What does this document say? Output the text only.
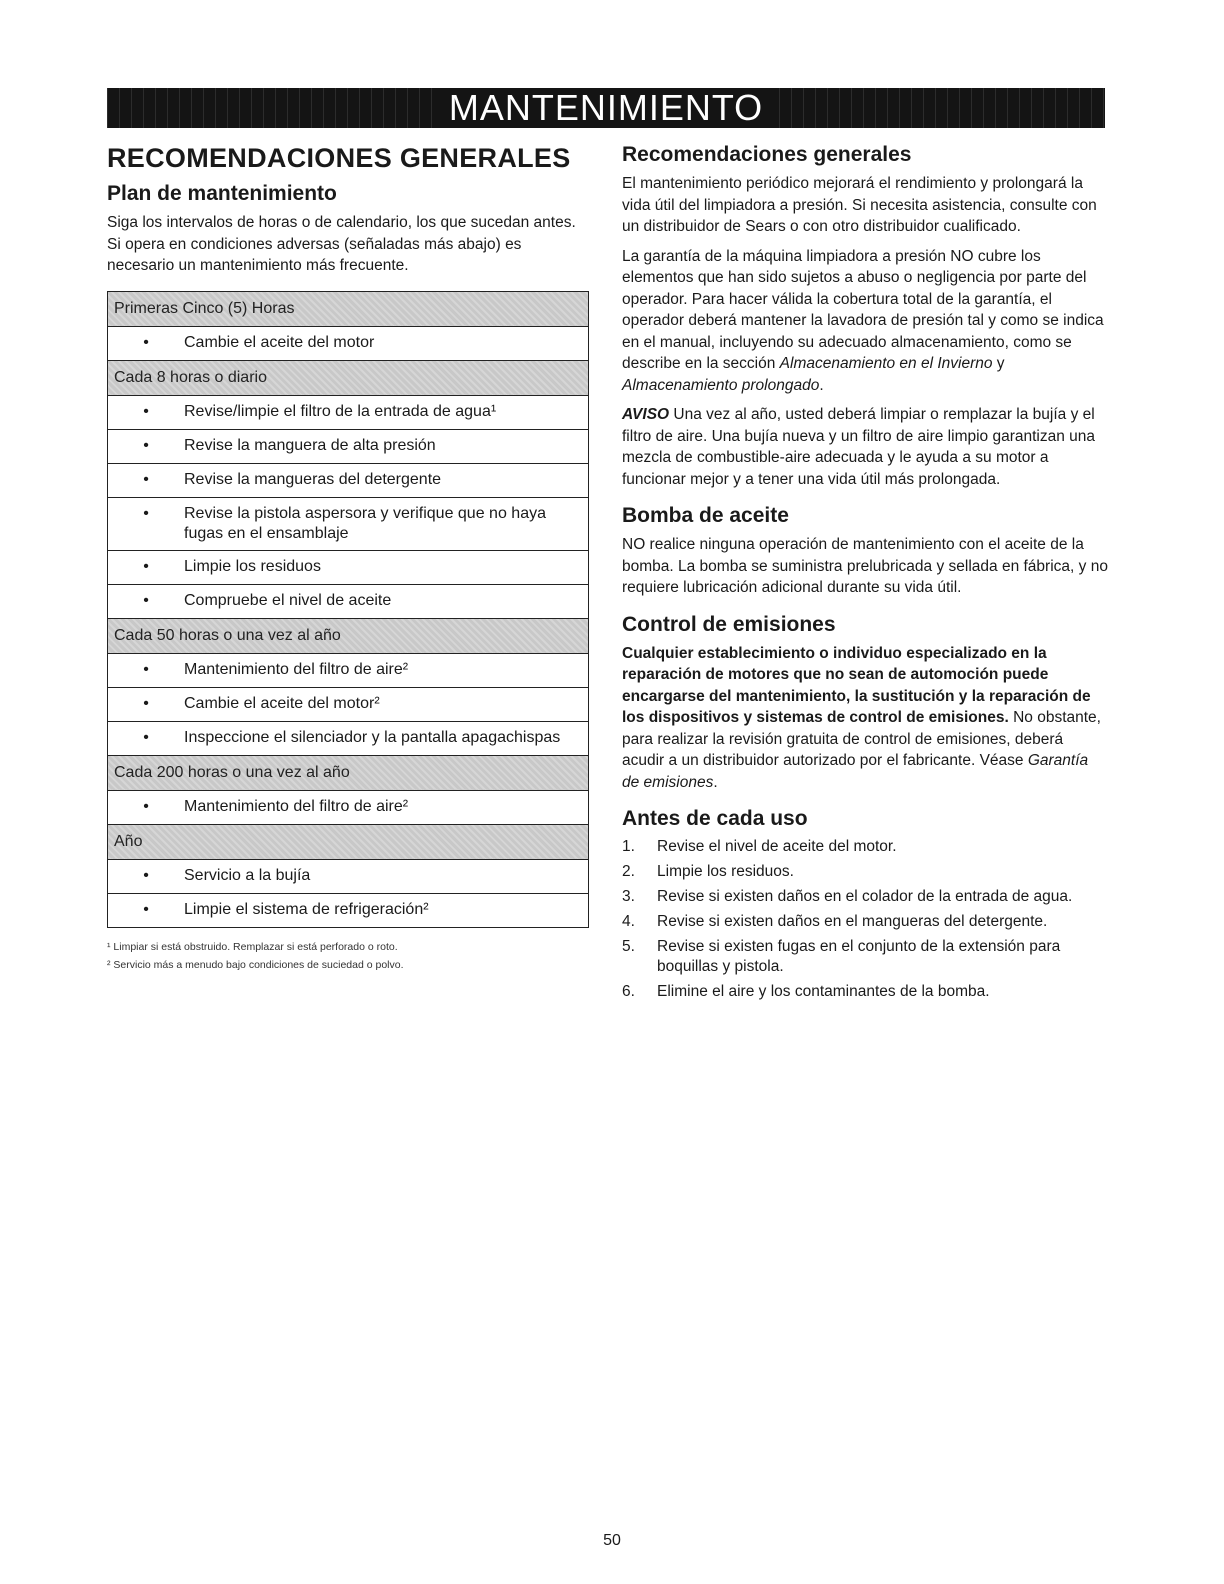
MANTENIMIENTO
RECOMENDACIONES GENERALES
Plan de mantenimiento

Siga los intervalos de horas o de calendario, los que sucedan antes. Si opera en condiciones adversas (señaladas más abajo) es necesario un mantenimiento más frecuente.

Primeras Cinco (5) Horas

•	Cambie el aceite del motor

Cada 8 horas o diario

•	Revise/limpie el filtro de la entrada de agua¹

•	Revise la manguera de alta presión

•	Revise la mangueras del detergente

•	Revise la pistola aspersora y verifique que no haya fugas en el ensamblaje

•	Limpie los residuos

•	Compruebe el nivel de aceite

Cada 50 horas o una vez al año

•	Mantenimiento del filtro de aire²

•	Cambie el aceite del motor²

•	Inspeccione el silenciador y la pantalla apagachispas

Cada 200 horas o una vez al año

•	Mantenimiento del filtro de aire²

Año

•	Servicio a la bujía

•	Limpie el sistema de refrigeración²
¹ Limpiar si está obstruido. Remplazar si está perforado o roto.
² Servicio más a menudo bajo condiciones de suciedad o polvo.
Recomendaciones generales

El mantenimiento periódico mejorará el rendimiento y prolongará la vida útil del limpiadora a presión. Si necesita asistencia, consulte con un distribuidor de Sears o con otro distribuidor cualificado.

La garantía de la máquina limpiadora a presión NO cubre los elementos que han sido sujetos a abuso o negligencia por parte del operador. Para hacer válida la cobertura total de la garantía, el operador deberá mantener la lavadora de presión tal y como se indica en el manual, incluyendo su adecuado almacenamiento, como se describe en la sección Almacenamiento en el Invierno y Almacenamiento prolongado.

AVISO Una vez al año, usted deberá limpiar o remplazar la bujía y el filtro de aire. Una bujía nueva y un filtro de aire limpio garantizan una mezcla de combustible-aire adecuada y le ayuda a su motor a funcionar mejor y a tener una vida útil más prolongada.

Bomba de aceite

NO realice ninguna operación de mantenimiento con el aceite de la bomba. La bomba se suministra prelubricada y sellada en fábrica, y no requiere lubricación adicional durante su vida útil.

Control de emisiones

Cualquier establecimiento o individuo especializado en la reparación de motores que no sean de automoción puede encargarse del mantenimiento, la sustitución y la reparación de los dispositivos y sistemas de control de emisiones. No obstante, para realizar la revisión gratuita de control de emisiones, deberá acudir a un distribuidor autorizado por el fabricante. Véase Garantía de emisiones.

Antes de cada uso
1.	Revise el nivel de aceite del motor.
2.	Limpie los residuos.
3.	Revise si existen daños en el colador de la entrada de agua.
4.	Revise si existen daños en el mangueras del detergente.
5.	Revise si existen fugas en el conjunto de la extensión para boquillas y pistola.
6.	Elimine el aire y los contaminantes de la bomba.
50
